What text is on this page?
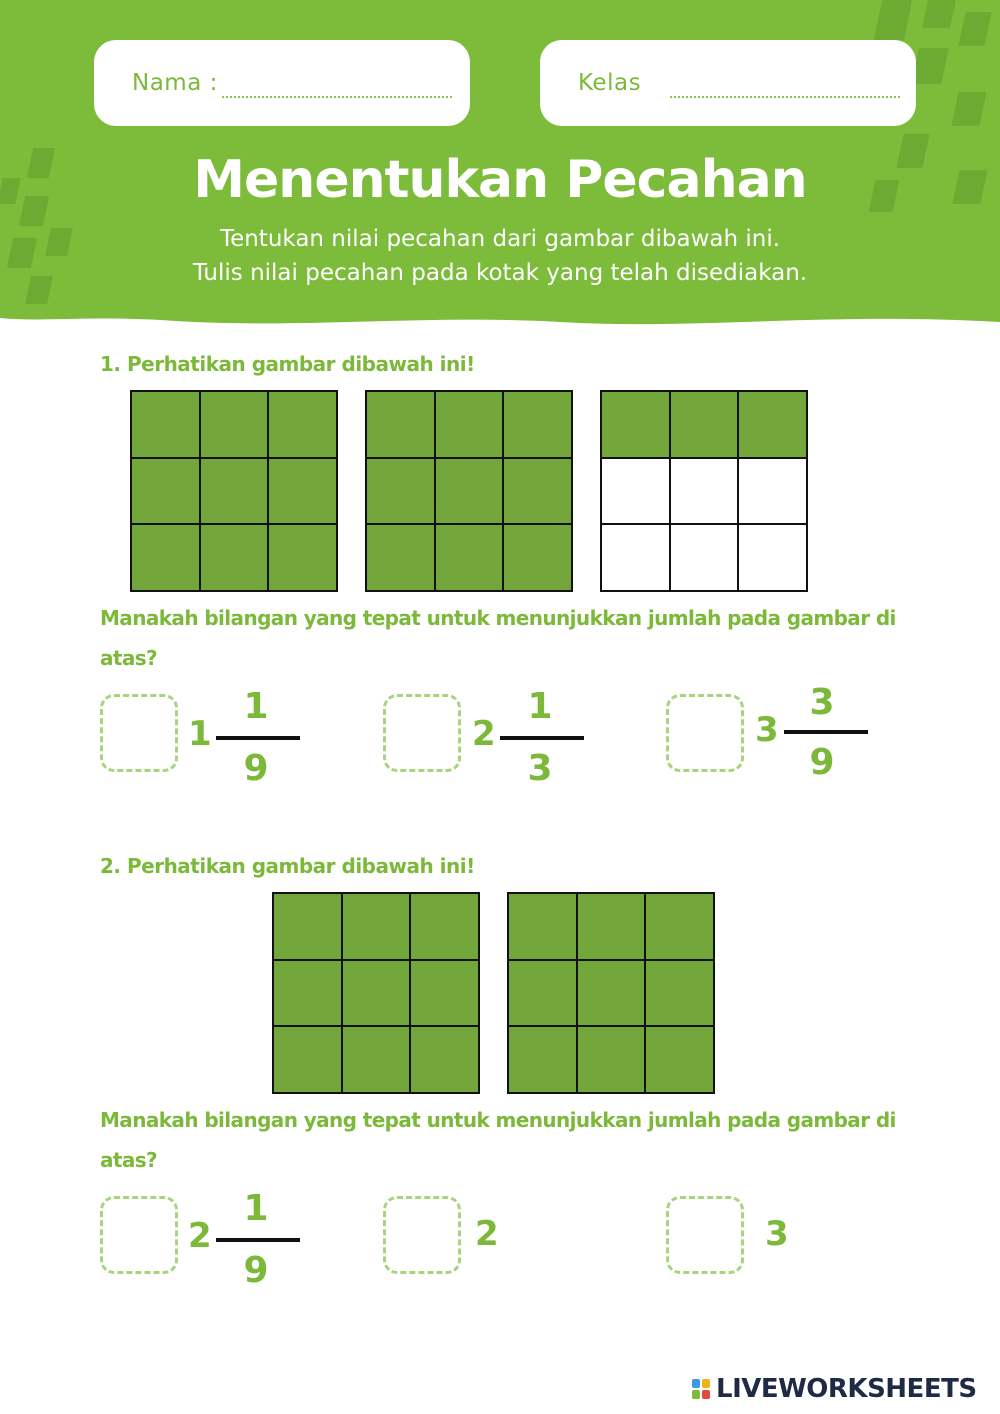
Nama :	Kelas
Menentukan Pecahan
Tentukan nilai pecahan dari gambar dibawah ini.
Tulis nilai pecahan pada kotak yang telah disediakan.
1. Perhatikan gambar dibawah ini!
Manakah bilangan yang tepat untuk menunjukkan jumlah pada gambar di atas?
1
1
9
2
1
3
3
3
9
2. Perhatikan gambar dibawah ini!
Manakah bilangan yang tepat untuk menunjukkan jumlah pada gambar di atas?
2
1
9
2	3
LIVEWORKSHEETS
